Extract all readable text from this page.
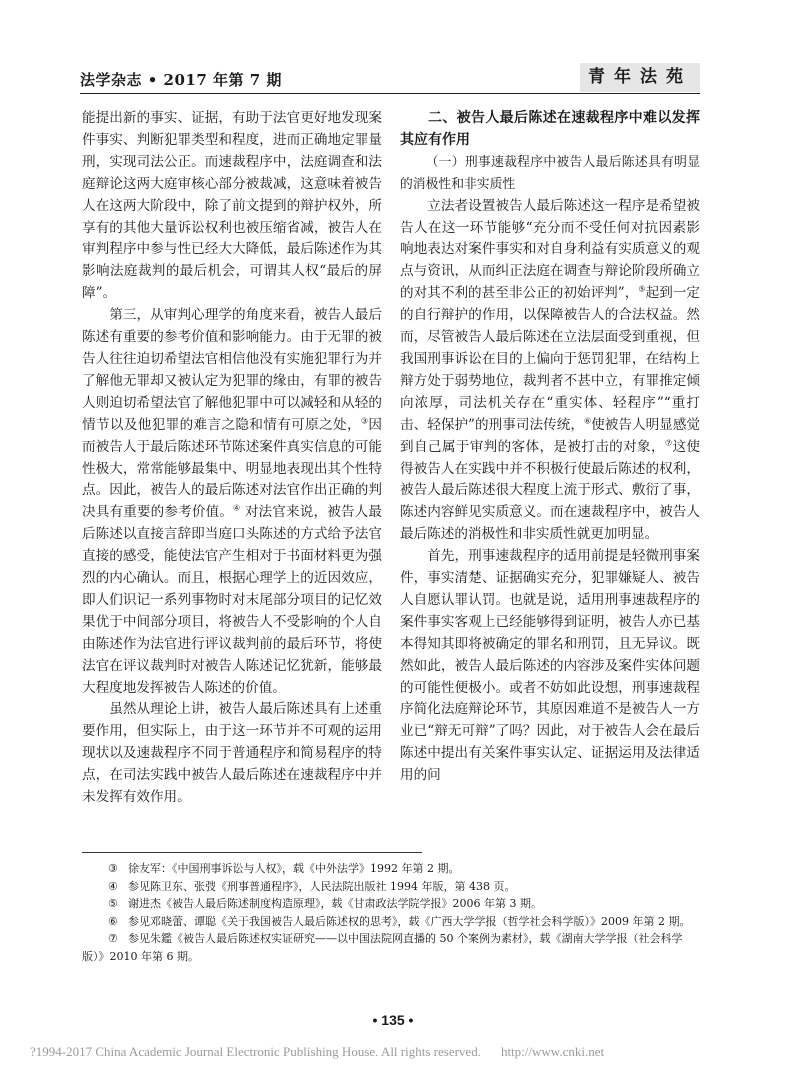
法学杂志 • 2017 年第 7 期	青年法苑

能提出新的事实、证据，有助于法官更好地发现案件事实、判断犯罪类型和程度，进而正确地定罪量刑，实现司法公正。而速裁程序中，法庭调查和法庭辩论这两大庭审核心部分被裁减，这意味着被告人在这两大阶段中，除了前文提到的辩护权外，所享有的其他大量诉讼权利也被压缩省减，被告人在审判程序中参与性已经大大降低，最后陈述作为其影响法庭裁判的最后机会，可谓其人权“最后的屏障”。

第三，从审判心理学的角度来看，被告人最后陈述有重要的参考价值和影响能力。由于无罪的被告人往往迫切希望法官相信他没有实施犯罪行为并了解他无罪却又被认定为犯罪的缘由，有罪的被告人则迫切希望法官了解他犯罪中可以减轻和从轻的情节以及他犯罪的难言之隐和情有可原之处，③因而被告人于最后陈述环节陈述案件真实信息的可能性极大，常常能够最集中、明显地表现出其个性特点。因此，被告人的最后陈述对法官作出正确的判决具有重要的参考价值。④ 对法官来说，被告人最后陈述以直接言辞即当庭口头陈述的方式给予法官直接的感受，能使法官产生相对于书面材料更为强烈的内心确认。而且，根据心理学上的近因效应，即人们识记一系列事物时对末尾部分项目的记忆效果优于中间部分项目，将被告人不受影响的个人自由陈述作为法官进行评议裁判前的最后环节，将使法官在评议裁判时对被告人陈述记忆犹新，能够最大程度地发挥被告人陈述的价值。

虽然从理论上讲，被告人最后陈述具有上述重要作用，但实际上，由于这一环节并不可观的运用现状以及速裁程序不同于普通程序和简易程序的特点，在司法实践中被告人最后陈述在速裁程序中并未发挥有效作用。

二、被告人最后陈述在速裁程序中难以发挥其应有作用

（一）刑事速裁程序中被告人最后陈述具有明显的消极性和非实质性

立法者设置被告人最后陈述这一程序是希望被告人在这一环节能够“充分而不受任何对抗因素影响地表达对案件事实和对自身利益有实质意义的观点与资讯，从而纠正法庭在调查与辩论阶段所确立的对其不利的甚至非公正的初始评判”，⑤起到一定的自行辩护的作用，以保障被告人的合法权益。然而，尽管被告人最后陈述在立法层面受到重视，但我国刑事诉讼在目的上偏向于惩罚犯罪，在结构上辩方处于弱势地位，裁判者不甚中立，有罪推定倾向浓厚，司法机关存在“重实体、轻程序”“重打击、轻保护”的刑事司法传统，⑥使被告人明显感觉到自己属于审判的客体，是被打击的对象，⑦这使得被告人在实践中并不积极行使最后陈述的权利，被告人最后陈述很大程度上流于形式、敷衍了事，陈述内容鲜见实质意义。而在速裁程序中，被告人最后陈述的消极性和非实质性就更加明显。

首先，刑事速裁程序的适用前提是轻微刑事案件，事实清楚、证据确实充分，犯罪嫌疑人、被告人自愿认罪认罚。也就是说，适用刑事速裁程序的案件事实客观上已经能够得到证明，被告人亦已基本得知其即将被确定的罪名和刑罚，且无异议。既然如此，被告人最后陈述的内容涉及案件实体问题的可能性便极小。或者不妨如此设想，刑事速裁程序简化法庭辩论环节，其原因难道不是被告人一方业已“辩无可辩”了吗？因此，对于被告人会在最后陈述中提出有关案件事实认定、证据运用及法律适用的问

③ 徐友军：《中国刑事诉讼与人权》，载《中外法学》1992 年第 2 期。
④ 参见陈卫东、张弢《刑事普通程序》，人民法院出版社 1994 年版，第 438 页。
⑤ 谢进杰《被告人最后陈述制度构造原理》，载《甘肃政法学院学报》2006 年第 3 期。
⑥ 参见邓晓蕾、谭聪《关于我国被告人最后陈述权的思考》，载《广西大学学报（哲学社会科学版）》2009 年第 2 期。
⑦ 参见朱鑑《被告人最后陈述权实证研究——以中国法院网直播的 50 个案例为素材》，载《湖南大学学报（社会科学版）》2010 年第 6 期。
• 135 •
?1994-2017 China Academic Journal Electronic Publishing House. All rights reserved. http://www.cnki.net
